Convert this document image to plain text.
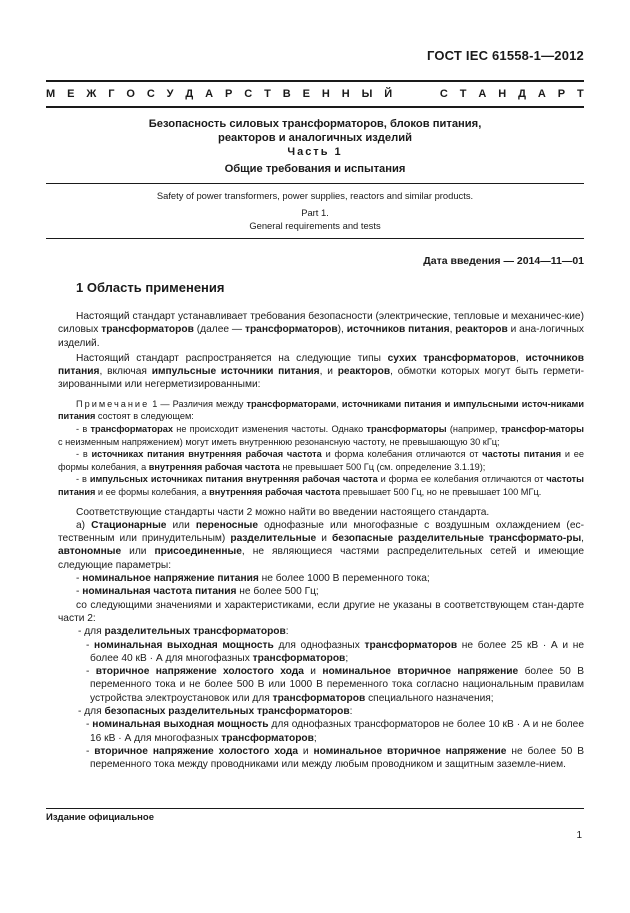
ГОСТ IEC 61558-1—2012
М Е Ж Г О С У Д А Р С Т В Е Н Н Ы Й	С Т А Н Д А Р Т
Безопасность силовых трансформаторов, блоков питания,
реакторов и аналогичных изделий
Часть 1
Общие требования и испытания
Safety of power transformers, power supplies, reactors and similar products.
Part 1.
General requirements and tests
Дата введения — 2014—11—01
1 Область применения

Настоящий стандарт устанавливает требования безопасности (электрические, тепловые и механичес-кие) силовых трансформаторов (далее — трансформаторов), источников питания, реакторов и ана-логичных изделий.

Настоящий стандарт распространяется на следующие типы сухих трансформаторов, источников питания, включая импульсные источники питания, и реакторов, обмотки которых могут быть гермети-зированными или негерметизированными:

Примечание 1 — Различия между трансформаторами, источниками питания и импульсными источ-никами питания состоят в следующем:

- в трансформаторах не происходит изменения частоты. Однако трансформаторы (например, трансфор-маторы с неизменным напряжением) могут иметь внутреннюю резонансную частоту, не превышающую 30 кГц;

- в источниках питания внутренняя рабочая частота и форма колебания отличаются от частоты питания и ее формы колебания, а внутренняя рабочая частота не превышает 500 Гц (см. определение 3.1.19);

- в импульсных источниках питания внутренняя рабочая частота и форма ее колебания отличаются от частоты питания и ее формы колебания, а внутренняя рабочая частота превышает 500 Гц, но не превышает 100 МГц.

Соответствующие стандарты части 2 можно найти во введении настоящего стандарта.

а) Стационарные или переносные однофазные или многофазные с воздушным охлаждением (ес-тественным или принудительным) разделительные и безопасные разделительные трансформато-ры, автономные или присоединенные, не являющиеся частями распределительных сетей и имеющие следующие параметры:

- номинальное напряжение питания не более 1000 В переменного тока;

- номинальная частота питания не более 500 Гц;

со следующими значениями и характеристиками, если другие не указаны в соответствующем стан-дарте части 2:

- для разделительных трансформаторов:

- номинальная выходная мощность для однофазных трансформаторов не более 25 кВ · А и не более 40 кВ · А для многофазных трансформаторов;

- вторичное напряжение холостого хода и номинальное вторичное напряжение более 50 В переменного тока и не более 500 В или 1000 В переменного тока согласно национальным правилам устройства электроустановок или для трансформаторов специального назначения;

- для безопасных разделительных трансформаторов:

- номинальная выходная мощность для однофазных трансформаторов не более 10 кВ · А и не более 16 кВ · А для многофазных трансформаторов;

- вторичное напряжение холостого хода и номинальное вторичное напряжение не более 50 В переменного тока между проводниками или между любым проводником и защитным заземле-нием.

Издание официальное
1
